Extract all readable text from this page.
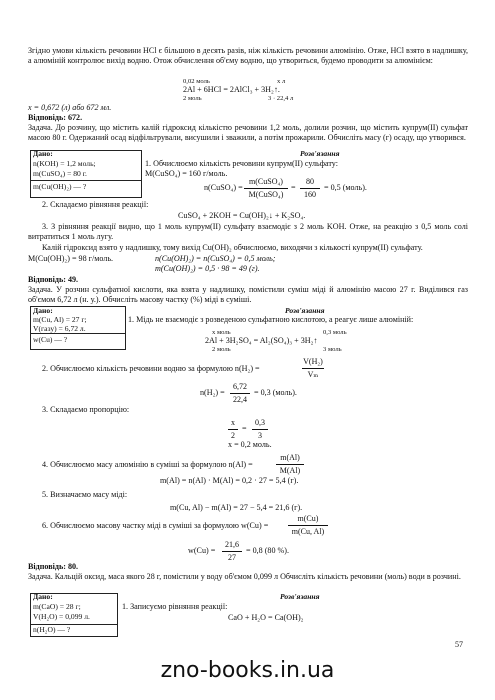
Згідно умови кількість речовини HCl є більшою в десять разів, ніж кількість речовини алюмінію. Отже, HCl взято в надлишку, а алюміній контролює вихід водню. Отож обчислення об'єму водню, що утвориться, будемо проводити за алюмінієм:
0,02 моль	x л
2Al + 6HCl = 2AlCl₃ + 3H₂↑.
2 моль	3 · 22,4 л
x = 0,672 (л) або 672 мл.
Відповідь: 672.
Задача. До розчину, що містить калій гідроксид кількістю речовини 1,2 моль, долили розчин, що містить купрум(II) сульфат масою 80 г. Одержаний осад відфільтрували, висушили і зважили, а потім прожарили. Обчисліть масу (г) осаду, що утворився.
Дано:	Розв'язання
n(KOH) = 1,2 моль;
m(CuSO₄) = 80 г.
m(Cu(OH)₂) — ?
1. Обчислюємо кількість речовини купрум(II) сульфату:
M(CuSO₄) = 160 г/моль.
n(CuSO₄) =
m(CuSO₄)
M(CuSO₄)
=
80
160
= 0,5 (моль).
2. Складаємо рівняння реакції:
CuSO₄ + 2KOH = Cu(OH)₂↓ + K₂SO₄.
3. З рівняння реакції видно, що 1 моль купрум(II) сульфату взаємодіє з 2 моль KOH. Отже, на реакцію з 0,5 моль солі витратиться 1 моль лугу.
Калій гідроксид взято у надлишку, тому вихід Cu(OH)₂ обчислюємо, виходячи з кількості купрум(II) сульфату.
M(Cu(OH)₂) = 98 г/моль.	n(Cu(OH)₂) = n(CuSO₄) = 0,5 моль;
m(Cu(OH)₂) = 0,5 · 98 = 49 (г).
Відповідь: 49.
Задача. У розчин сульфатної кислоти, яка взята у надлишку, помістили суміш міді й алюмінію масою 27 г. Виділився газ об'ємом 6,72 л (н. у.). Обчисліть масову частку (%) міді в суміші.
Дано:	Розв'язання
m(Cu, Al) = 27 г;
V(газу) = 6,72 л.
w(Cu) — ?
1. Мідь не взаємодіє з розведеною сульфатною кислотою, а реагує лише алюміній:
x моль	0,3 моль
2Al + 3H₂SO₄ = Al₂(SO₄)₃ + 3H₂↑
2 моль	3 моль
2. Обчислюємо кількість речовини водню за формулою n(H₂) =
V(H₂)
Vₘ
n(H₂) =
6,72
22,4
= 0,3 (моль).
3. Складаємо пропорцію:
x
2
=
0,3
3
x = 0,2 моль.
4. Обчислюємо масу алюмінію в суміші за формулою n(Al) =
m(Al)
M(Al)
m(Al) = n(Al) · M(Al) = 0,2 · 27 = 5,4 (г).
5. Визначаємо масу міді:
m(Cu, Al) − m(Al) = 27 − 5,4 = 21,6 (г).
6. Обчислюємо масову частку міді в суміші за формулою w(Cu) =
m(Cu)
m(Cu, Al)
w(Cu) =
21,6
27
= 0,8 (80 %).
Відповідь: 80.
Задача. Кальцій оксид, маса якого 28 г, помістили у воду об'ємом 0,099 л Обчисліть кількість речовини (моль) води в розчині.
Дано:	Розв'язання
m(CaO) = 28 г;
V(H₂O) = 0,099 л.
n(H₂O) — ?
1. Записуємо рівняння реакції:
CaO + H₂O = Ca(OH)₂
57
zno-books.in.ua
